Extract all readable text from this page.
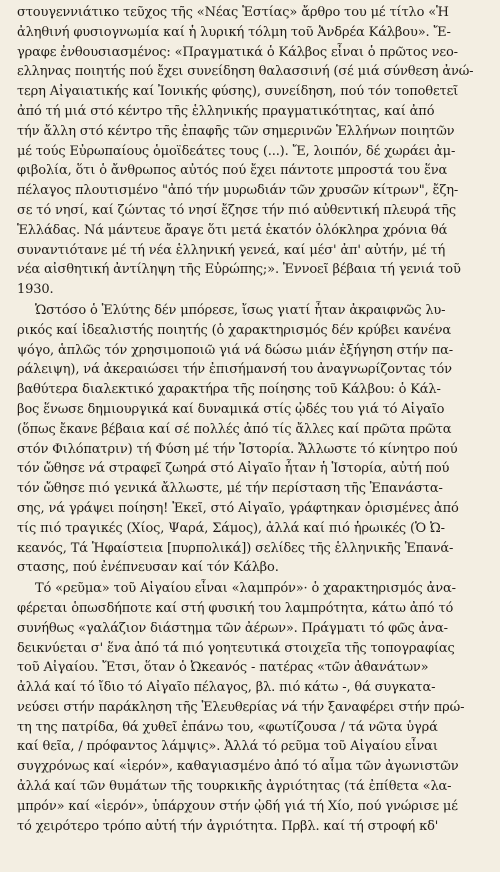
στουγεννιάτικο τεῦχος τῆς «Νέας Ἑστίας» ἄρθρο του μέ τίτλο «Ἡ
ἀληθινή φυσιογνωμία καί ἡ λυρική τόλμη τοῦ Ἀνδρέα Κάλβου». Ἔ-
γραφε ἐνθουσιασμένος: «Πραγματικά ὁ Κάλβος εἶναι ὁ πρῶτος νεο-
ελληνας ποιητής πού ἔχει συνείδηση θαλασσινή (σέ μιά σύνθεση ἀνώ-
τερη Αἰγαιατικής καί Ἰονικής φύσης), συνείδηση, πού τόν τοποθετεῖ
ἀπό τή μιά στό κέντρο τῆς ἑλληνικής πραγματικότητας, καί ἀπό
τήν ἄλλη στό κέντρο τῆς ἐπαφῆς τῶν σημερινῶν Ἑλλήνων ποιητῶν
μέ τούς Εὐρωπαίους ὁμοϊδεάτες τους (...). Ἔ, λοιπόν, δέ χωράει ἀμ-
φιβολία, ὅτι ὁ ἄνθρωπος αὐτός πού ἔχει πάντοτε μπροστά του ἕνα
πέλαγος πλουτισμένο "ἀπό τήν μυρωδιάν τῶν χρυσῶν κίτρων", ἔζη-
σε τό νησί, καί ζώντας τό νησί ἔζησε τήν πιό αὐθεντική πλευρά τῆς
Ἑλλάδας. Νά μάντευε ἄραγε ὅτι μετά ἑκατόν ὁλόκληρα χρόνια θά
συναντιότανε μέ τή νέα ἑλληνική γενεά, καί μέσ' ἀπ' αὐτήν, μέ τή
νέα αἰσθητική ἀντίληψη τῆς Εὐρώπης;». Ἐννοεῖ βέβαια τή γενιά τοῦ
1930.
Ὡστόσο ὁ Ἐλύτης δέν μπόρεσε, ἴσως γιατί ἦταν ἀκραιφνῶς λυ-
ρικός καί ἰδεαλιστής ποιητής (ὁ χαρακτηρισμός δέν κρύβει κανένα
ψόγο, ἁπλῶς τόν χρησιμοποιῶ γιά νά δώσω μιάν ἐξήγηση στήν πα-
ράλειψη), νά ἀκεραιώσει τήν ἐπισήμανσή του ἀναγνωρίζοντας τόν
βαθύτερα διαλεκτικό χαρακτήρα τῆς ποίησης τοῦ Κάλβου: ὁ Κάλ-
βος ἕνωσε δημιουργικά καί δυναμικά στίς ᾠδές του γιά τό Αἰγαῖο
(ὅπως ἔκανε βέβαια καί σέ πολλές ἀπό τίς ἄλλες καί πρῶτα πρῶτα
στόν Φιλόπατριν) τή Φύση μέ τήν Ἱστορία. Ἄλλωστε τό κίνητρο πού
τόν ὤθησε νά στραφεῖ ζωηρά στό Αἰγαῖο ἦταν ἡ Ἱστορία, αὐτή πού
τόν ὤθησε πιό γενικά ἄλλωστε, μέ τήν περίσταση τῆς Ἐπανάστα-
σης, νά γράψει ποίηση! Ἐκεῖ, στό Αἰγαῖο, γράφτηκαν ὁρισμένες ἀπό
τίς πιό τραγικές (Χίος, Ψαρά, Σάμος), ἀλλά καί πιό ἡρωικές (Ὁ Ὠ-
κεανός, Τά Ἡφαίστεια [πυρπολικά]) σελίδες τῆς ἑλληνικῆς Ἐπανά-
στασης, πού ἐνέπνευσαν καί τόν Κάλβο.
Τό «ρεῦμα» τοῦ Αἰγαίου εἶναι «λαμπρόν»· ὁ χαρακτηρισμός ἀνα-
φέρεται ὁπωσδήποτε καί στή φυσική του λαμπρότητα, κάτω ἀπό τό
συνήθως «γαλάζιον διάστημα τῶν ἀέρων». Πράγματι τό φῶς ἀνα-
δεικνύεται σ' ἕνα ἀπό τά πιό γοητευτικά στοιχεῖα τῆς τοπογραφίας
τοῦ Αἰγαίου. Ἔτσι, ὅταν ὁ Ὠκεανός - πατέρας «τῶν ἀθανάτων»
ἀλλά καί τό ἴδιο τό Αἰγαῖο πέλαγος, βλ. πιό κάτω -, θά συγκατα-
νεύσει στήν παράκληση τῆς Ἐλευθερίας νά τήν ξαναφέρει στήν πρώ-
τη της πατρίδα, θά χυθεῖ ἐπάνω του, «φωτίζουσα / τά νῶτα ὑγρά
καί θεῖα, / πρόφαντος λάμψις». Ἀλλά τό ρεῦμα τοῦ Αἰγαίου εἶναι
συγχρόνως καί «ἱερόν», καθαγιασμένο ἀπό τό αἷμα τῶν ἀγωνιστῶν
ἀλλά καί τῶν θυμάτων τῆς τουρκικῆς ἀγριότητας (τά ἐπίθετα «λα-
μπρόν» καί «ἱερόν», ὑπάρχουν στήν ᾠδή γιά τή Χίο, πού γνώρισε μέ
τό χειρότερο τρόπο αὐτή τήν ἀγριότητα. Πρβλ. καί τή στροφή κδ'
